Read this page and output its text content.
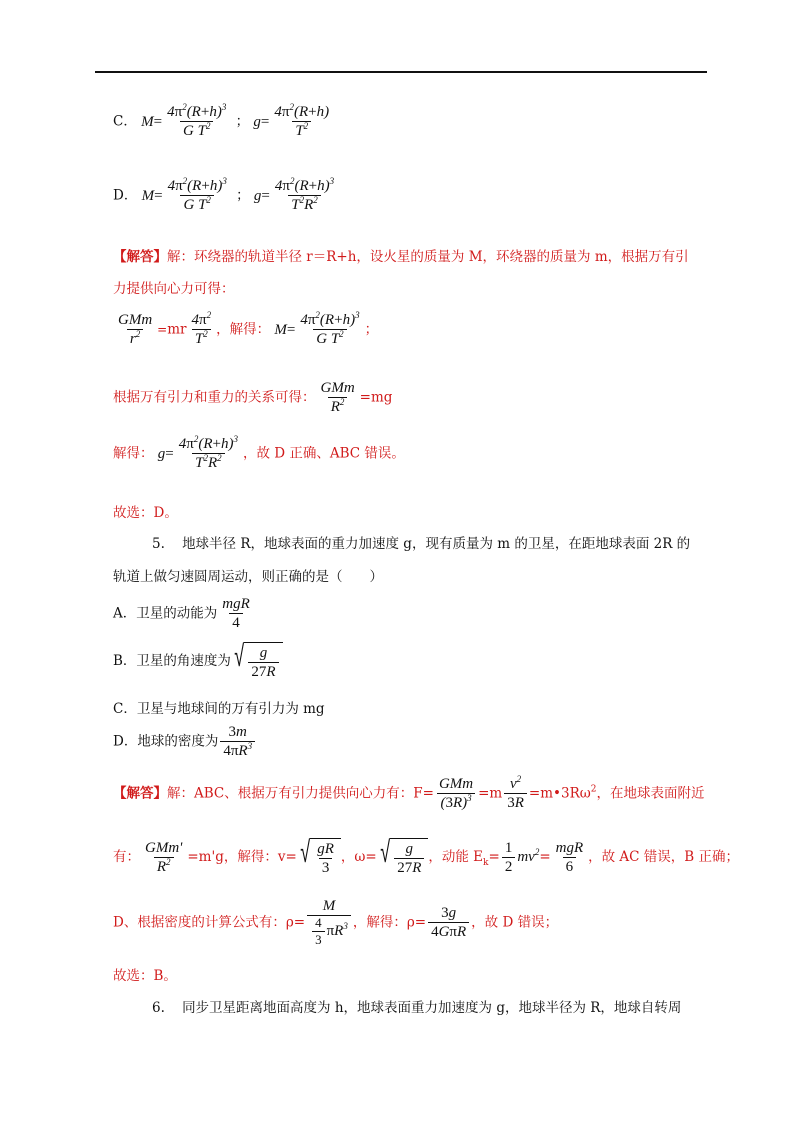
C． $M= \frac{4\pi^2(R+h)^3}{G T^2}$ ； $g= \frac{4\pi^2(R+h)}{T^2}$
D． $M= \frac{4\pi^2(R+h)^3}{G T^2}$ ； $g= \frac{4\pi^2(R+h)^3}{T^2R^2}$
【解答】解：环绕器的轨道半径 r＝R+h，设火星的质量为 M，环绕器的质量为 m，根据万有引
力提供向心力可得：
$\frac{\text{GMm}}{r^2} =mr \frac{4\pi^2}{T^2}$ ，解得： $M= \frac{4\pi^2(R+h)^3}{G T^2}$ ；
根据万有引力和重力的关系可得： $\frac{\text{GMm}}{R^2} =mg$
解得： $g= \frac{4\pi^2(R+h)^3}{T^2R^2}$ ，故 D 正确、ABC 错误。
故选：D。
5. 地球半径 R，地球表面的重力加速度 g，现有质量为 m 的卫星，在距地球表面 2R 的
轨道上做匀速圆周运动，则正确的是（　　）
A．卫星的动能为 $\frac{\text{mgR}}{4}$
B．卫星的角速度为 √ $\frac{g}{27R}$
C．卫星与地球间的万有引力为 mg
D．地球的密度为 $\frac{3m}{4\pi R^3}$
【解答】解：ABC、根据万有引力提供向心力有：$F= \frac{\text{GMm}}{(3R)^3} =m \frac{v^2}{3R}$ $=m•3R\omega^2$，在地球表面附近
有： $\frac{\text{GMm'}}{R^2} =m'g$，解得：v= √ $\frac{gR}{3}$ ，ω= √ $\frac{g}{27R}$ ，动能 $E_k= \frac{1}{2} mv^2= \frac{\text{mgR}}{6}$ ，故 AC 错误，B 正确；
D、根据密度的计算公式有：$\rho= \frac{M}{\frac{4}{3} \pi R^3}$ ，解得：$\rho= \frac{3g}{\text{4GπR}}$ ，故 D 错误；
故选：B。
6. 同步卫星距离地面高度为 h，地球表面重力加速度为 g，地球半径为 R，地球自转周
